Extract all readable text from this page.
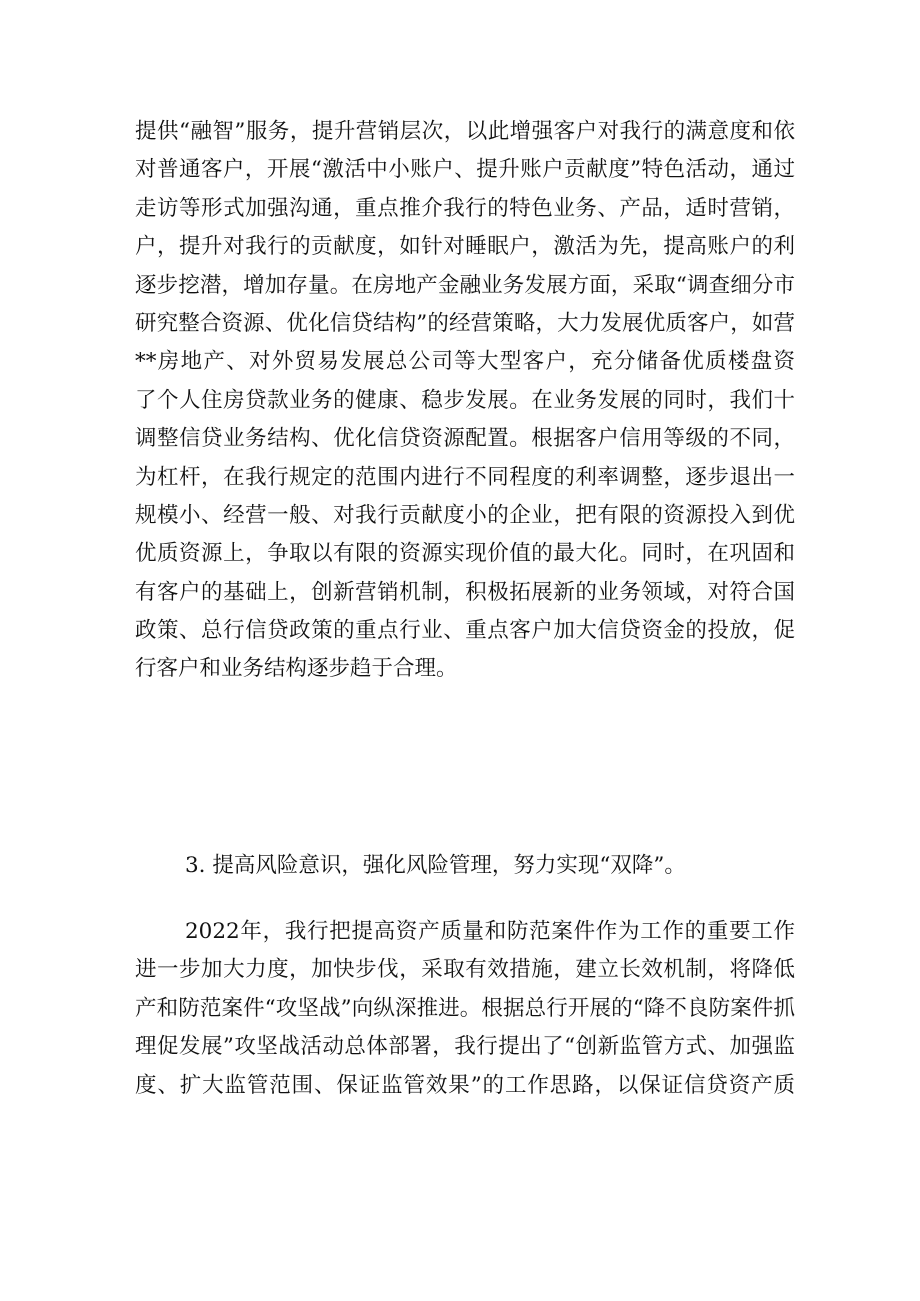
提供“融智”服务，提升营销层次，以此增强客户对我行的满意度和依
对普通客户，开展“激活中小账户、提升账户贡献度”特色活动，通过
走访等形式加强沟通，重点推介我行的特色业务、产品，适时营销，
户，提升对我行的贡献度，如针对睡眠户，激活为先，提高账户的利
逐步挖潜，增加存量。在房地产金融业务发展方面，采取“调查细分市
研究整合资源、优化信贷结构”的经营策略，大力发展优质客户，如营
**房地产、对外贸易发展总公司等大型客户，充分储备优质楼盘资
了个人住房贷款业务的健康、稳步发展。在业务发展的同时，我们十
调整信贷业务结构、优化信贷资源配置。根据客户信用等级的不同，
为杠杆，在我行规定的范围内进行不同程度的利率调整，逐步退出一
规模小、经营一般、对我行贡献度小的企业，把有限的资源投入到优
优质资源上，争取以有限的资源实现价值的最大化。同时，在巩固和
有客户的基础上，创新营销机制，积极拓展新的业务领域，对符合国
政策、总行信贷政策的重点行业、重点客户加大信贷资金的投放，促
行客户和业务结构逐步趋于合理。
3. 提高风险意识，强化风险管理，努力实现“双降”。
2022年，我行把提高资产质量和防范案件作为工作的重要工作
进一步加大力度，加快步伐，采取有效措施，建立长效机制，将降低
产和防范案件“攻坚战”向纵深推进。根据总行开展的“降不良防案件抓
理促发展”攻坚战活动总体部署，我行提出了“创新监管方式、加强监
度、扩大监管范围、保证监管效果”的工作思路，以保证信贷资产质
